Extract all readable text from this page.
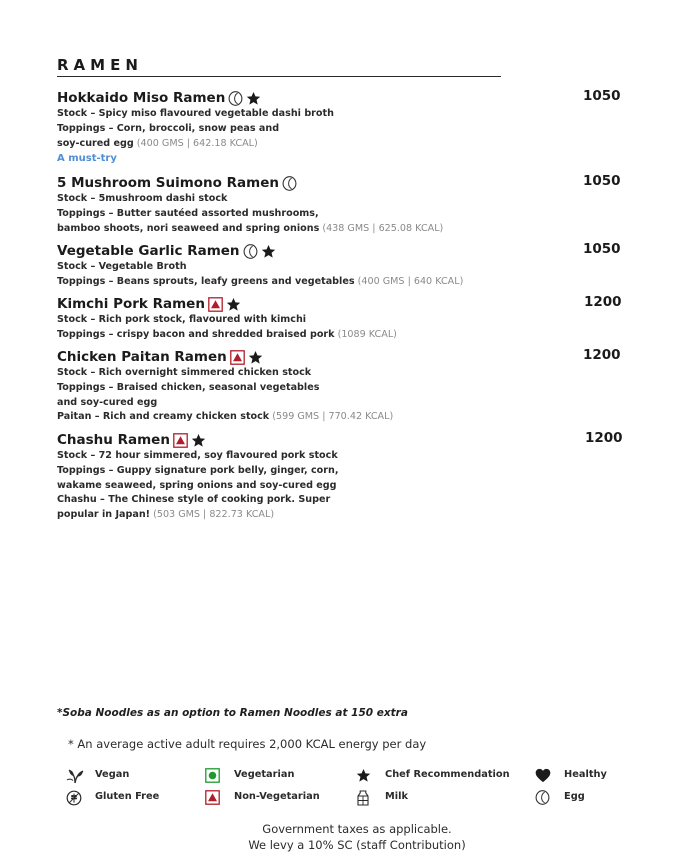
RAMEN
Hokkaido Miso Ramen	1050
Stock – Spicy miso flavoured vegetable dashi broth
Toppings – Corn, broccoli, snow peas and
soy-cured egg (400 GMS | 642.18 KCAL)
A must-try
5 Mushroom Suimono Ramen	1050
Stock – 5mushroom dashi stock
Toppings – Butter sautéed assorted mushrooms,
bamboo shoots, nori seaweed and spring onions (438 GMS | 625.08 KCAL)
Vegetable Garlic Ramen	1050
Stock – Vegetable Broth
Toppings – Beans sprouts, leafy greens and vegetables (400 GMS | 640 KCAL)
Kimchi Pork Ramen	1200
Stock – Rich pork stock, flavoured with kimchi
Toppings – crispy bacon and shredded braised pork (1089 KCAL)
Chicken Paitan Ramen	1200
Stock – Rich overnight simmered chicken stock
Toppings – Braised chicken, seasonal vegetables
and soy-cured egg
Paitan – Rich and creamy chicken stock (599 GMS | 770.42 KCAL)
Chashu Ramen	1200
Stock – 72 hour simmered, soy flavoured pork stock
Toppings – Guppy signature pork belly, ginger, corn,
wakame seaweed, spring onions and soy-cured egg
Chashu – The Chinese style of cooking pork. Super
popular in Japan! (503 GMS | 822.73 KCAL)
*Soba Noodles as an option to Ramen Noodles at 150 extra
* An average active adult requires 2,000 KCAL energy per day
Vegan	Vegetarian	Chef Recommendation	Healthy
Gluten Free	Non-Vegetarian	Milk	Egg
Government taxes as applicable.
We levy a 10% SC (staff Contribution)
